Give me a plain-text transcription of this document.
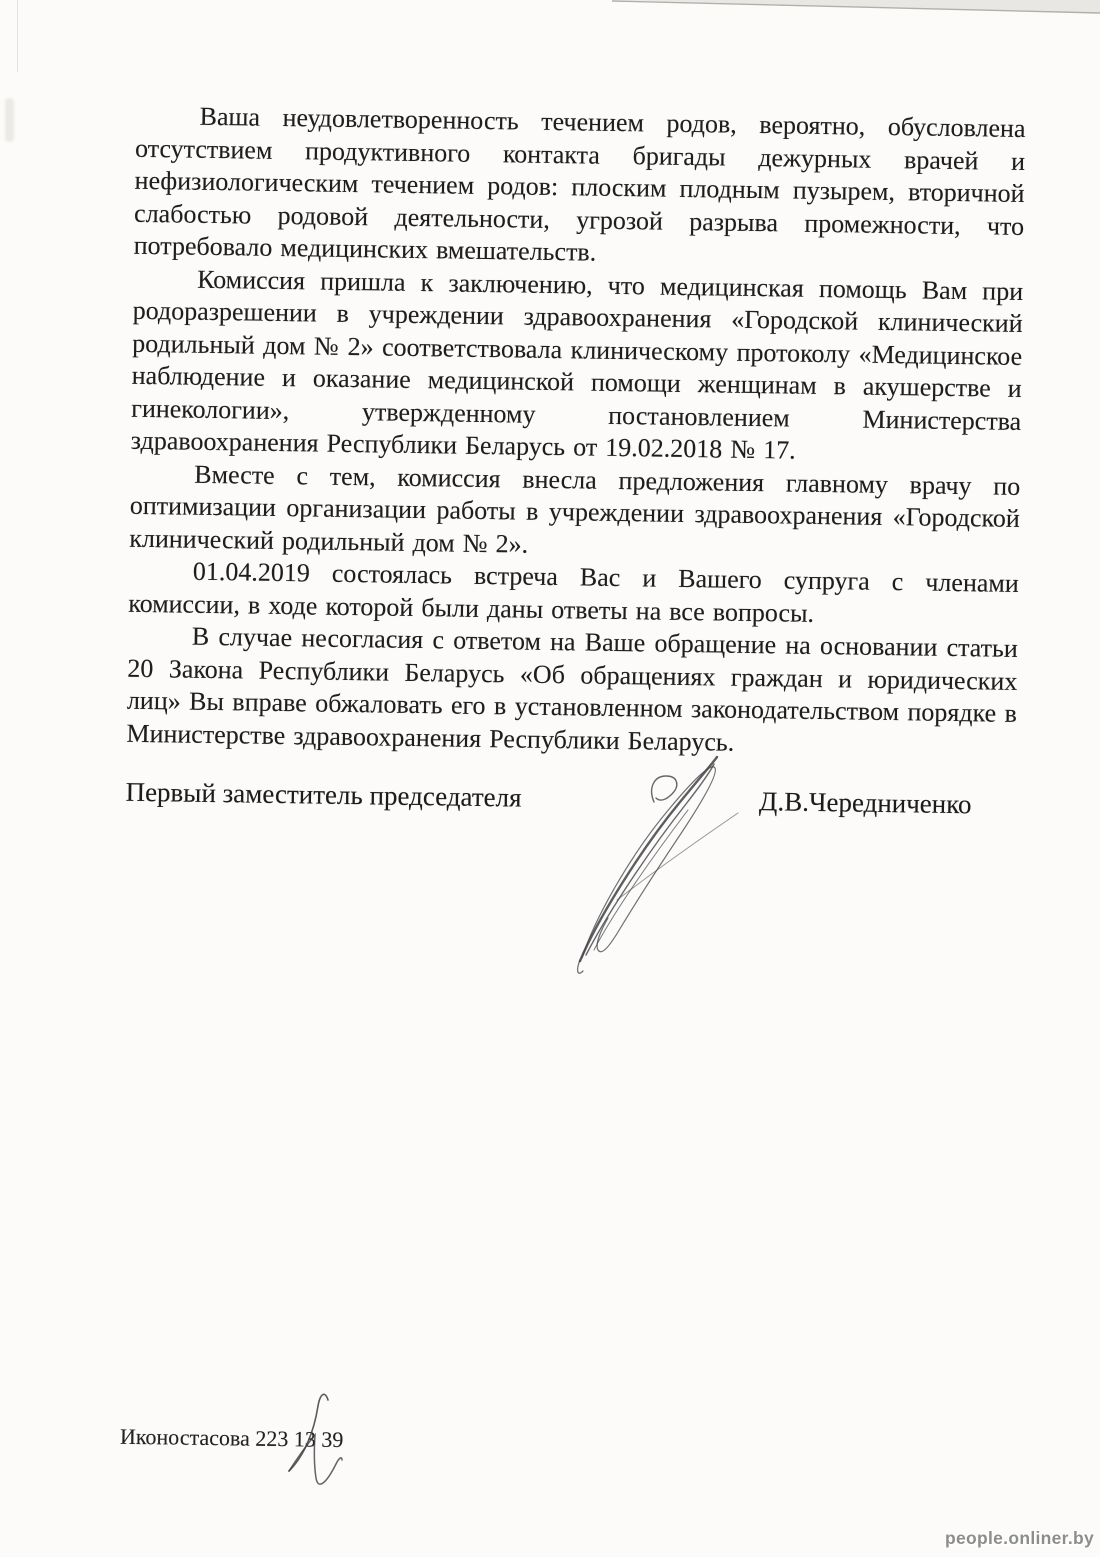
Ваша неудовлетворенность течением родов, вероятно, обусловлена отсутствием продуктивного контакта бригады дежурных врачей и нефизиологическим течением родов: плоским плодным пузырем, вторичной слабостью родовой деятельности, угрозой разрыва промежности, что потребовало медицинских вмешательств.

Комиссия пришла к заключению, что медицинская помощь Вам при родоразрешении в учреждении здравоохранения «Городской клинический родильный дом № 2» соответствовала клиническому протоколу «Медицинское наблюдение и оказание медицинской помощи женщинам в акушерстве и гинекологии», утвержденному постановлением Министерства здравоохранения Республики Беларусь от 19.02.2018 № 17.

Вместе с тем, комиссия внесла предложения главному врачу по оптимизации организации работы в учреждении здравоохранения «Городской клинический родильный дом № 2».

01.04.2019 состоялась встреча Вас и Вашего супруга с членами комиссии, в ходе которой были даны ответы на все вопросы.

В случае несогласия с ответом на Ваше обращение на основании статьи 20 Закона Республики Беларусь «Об обращениях граждан и юридических лиц» Вы вправе обжаловать его в установленном законодательством порядке в Министерстве здравоохранения Республики Беларусь.

Первый заместитель председателя	Д.В.Чередниченко
Иконостасова 223 13 39
people.onliner.by
